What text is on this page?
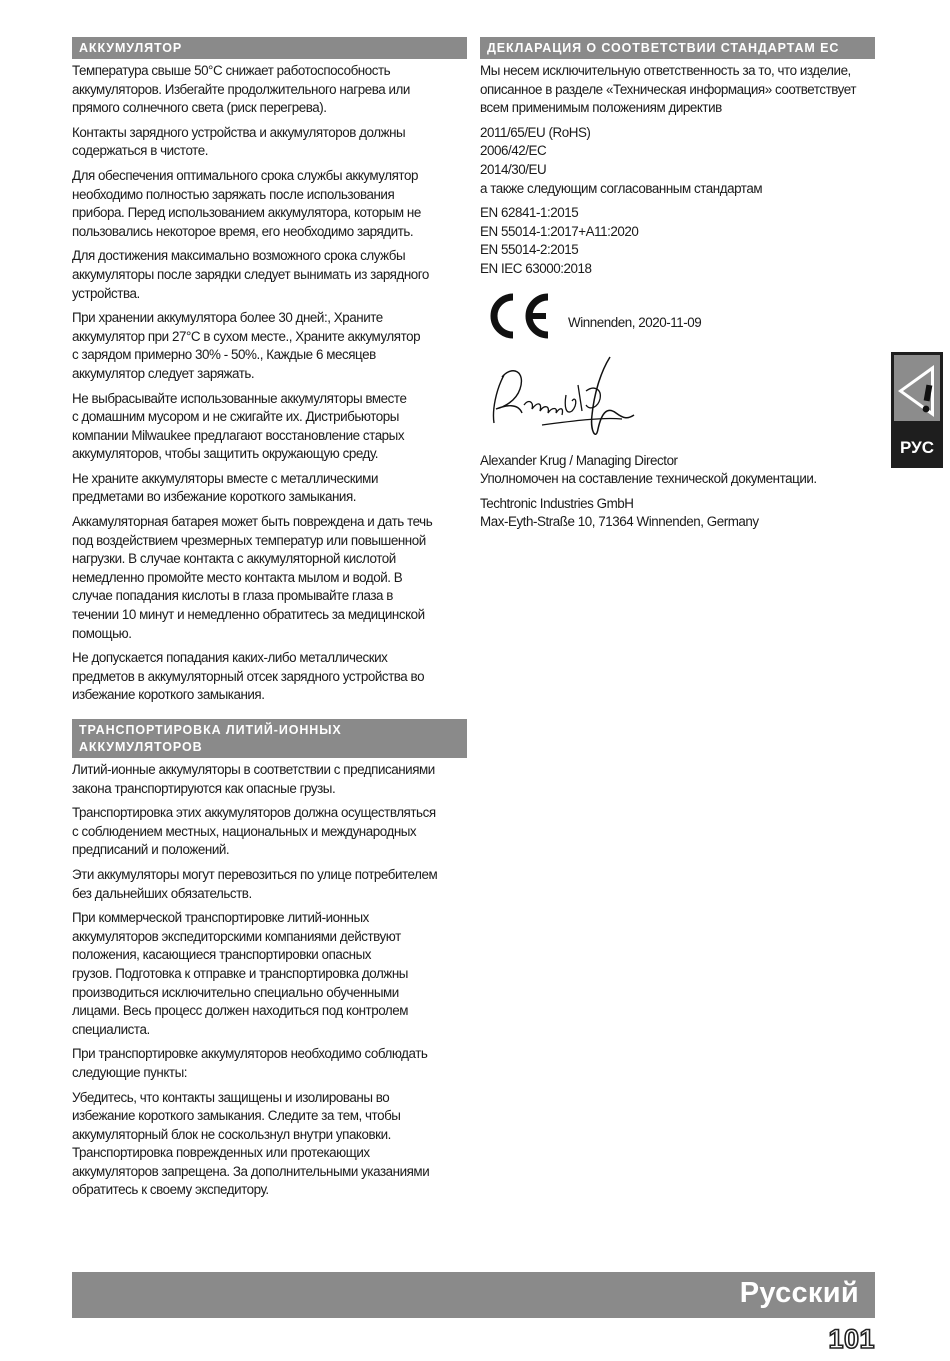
АККУМУЛЯТОР

Температура свыше 50°C снижает работоспособность
аккумуляторов. Избегайте продолжительного нагрева или
прямого солнечного света (риск перегрева).

Контакты зарядного устройства и аккумуляторов должны
содержаться в чистоте.

Для обеспечения оптимального срока службы аккумулятор
необходимо полностью заряжать после использования
прибора. Перед использованием аккумулятора, которым не
пользовались некоторое время, его необходимо зарядить.

Для достижения максимально возможного срока службы
аккумуляторы после зарядки следует вынимать из зарядного
устройства.

При хранении аккумулятора более 30 дней:, Храните
аккумулятор при 27°C в сухом месте., Храните аккумулятор
с зарядом примерно 30% - 50%., Каждые 6 месяцев
аккумулятор следует заряжать.

Не выбрасывайте использованные аккумуляторы вместе
с домашним мусором и не сжигайте их. Дистрибьюторы
компании Milwaukee предлагают восстановление старых
аккумуляторов, чтобы защитить окружающую среду.

Не храните аккумуляторы вместе с металлическими
предметами во избежание короткого замыкания.

Аккамуляторная батарея может быть повреждена и дать течь
под воздействием чрезмерных температур или повышенной
нагрузки. В случае контакта с аккумуляторной кислотой
немедленно промойте место контакта мылом и водой. В
случае попадания кислоты в глаза промывайте глаза в
течении 10 минут и немедленно обратитесь за медицинской
помощью.

Не допускается попадания каких-либо металлических
предметов в аккумуляторный отсек зарядного устройства во
избежание короткого замыкания.

ТРАНСПОРТИРОВКА ЛИТИЙ-ИОННЫХ
АККУМУЛЯТОРОВ

Литий-ионные аккумуляторы в соответствии с предписаниями
закона транспортируются как опасные грузы.

Транспортировка этих аккумуляторов должна осуществляться
с соблюдением местных, национальных и международных
предписаний и положений.

Эти аккумуляторы могут перевозиться по улице потребителем
без дальнейших обязательств.

При коммерческой транспортировке литий-ионных
аккумуляторов экспедиторскими компаниями действуют
положения, касающиеся транспортировки опасных
грузов. Подготовка к отправке и транспортировка должны
производиться исключительно специально обученными
лицами. Весь процесс должен находиться под контролем
специалиста.

При транспортировке аккумуляторов необходимо соблюдать
следующие пункты:

Убедитесь, что контакты защищены и изолированы во
избежание короткого замыкания. Следите за тем, чтобы
аккумуляторный блок не соскользнул внутри упаковки.
Транспортировка поврежденных или протекающих
аккумуляторов запрещена. За дополнительными указаниями
обратитесь к своему экспедитору.

ДЕКЛАРАЦИЯ О СООТВЕТСТВИИ СТАНДАРТАМ ЕС

Мы несем исключительную ответственность за то, что изделие,
описанное в разделе «Техническая информация» соответствует
всем применимым положениям директив

2011/65/EU (RoHS)
2006/42/EC
2014/30/EU
а также следующим согласованным стандартам

EN 62841-1:2015
EN 55014-1:2017+A11:2020
EN 55014-2:2015
EN IEC 63000:2018

Winnenden, 2020-11-09

Alexander Krug / Managing Director
Уполномочен на составление технической документации.

Techtronic Industries GmbH
Max-Eyth-Straße 10, 71364 Winnenden, Germany

РУС
Русский
101
